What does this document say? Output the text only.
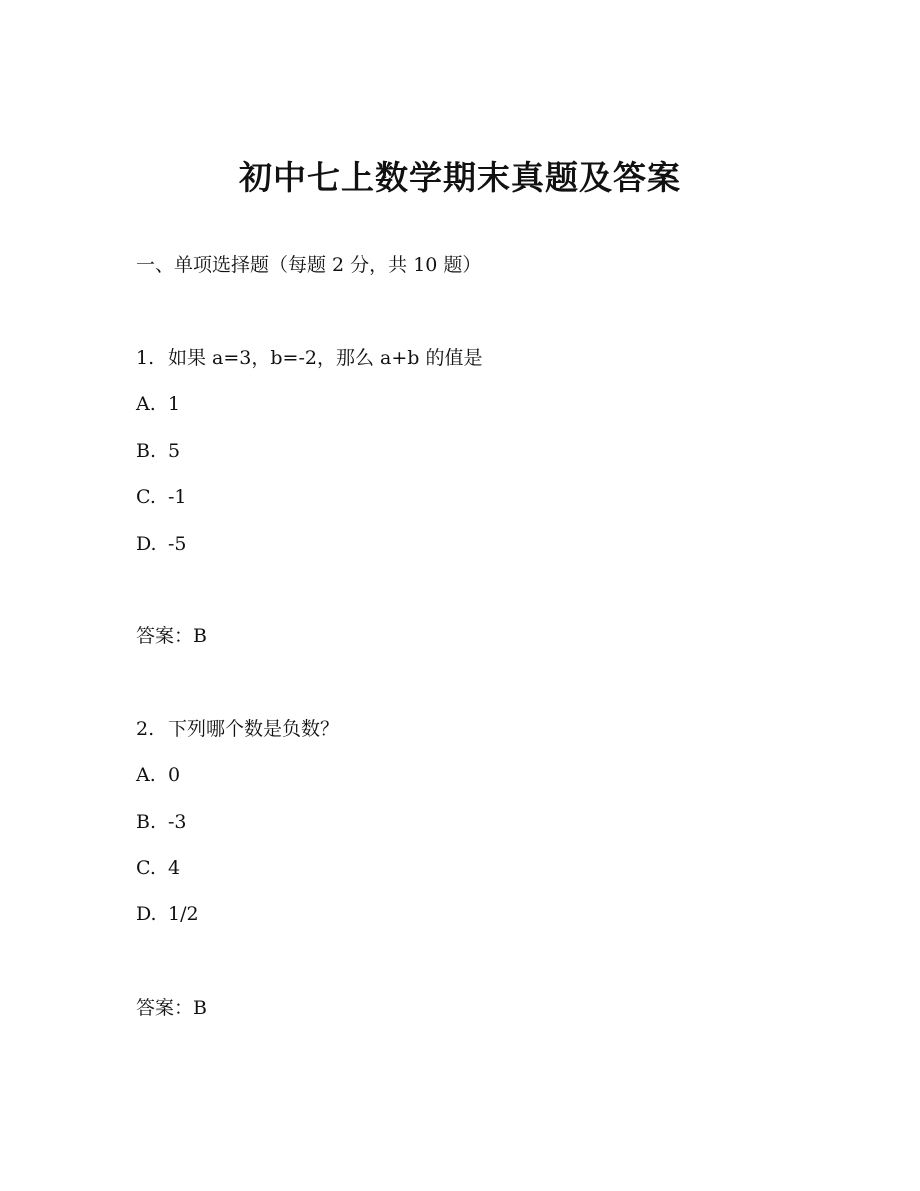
初中七上数学期末真题及答案
一、单项选择题（每题 2 分，共 10 题）
1. 如果 a=3，b=-2，那么 a+b 的值是
A. 1
B. 5
C. -1
D. -5
答案：B
2. 下列哪个数是负数？
A. 0
B. -3
C. 4
D. 1/2
答案：B
